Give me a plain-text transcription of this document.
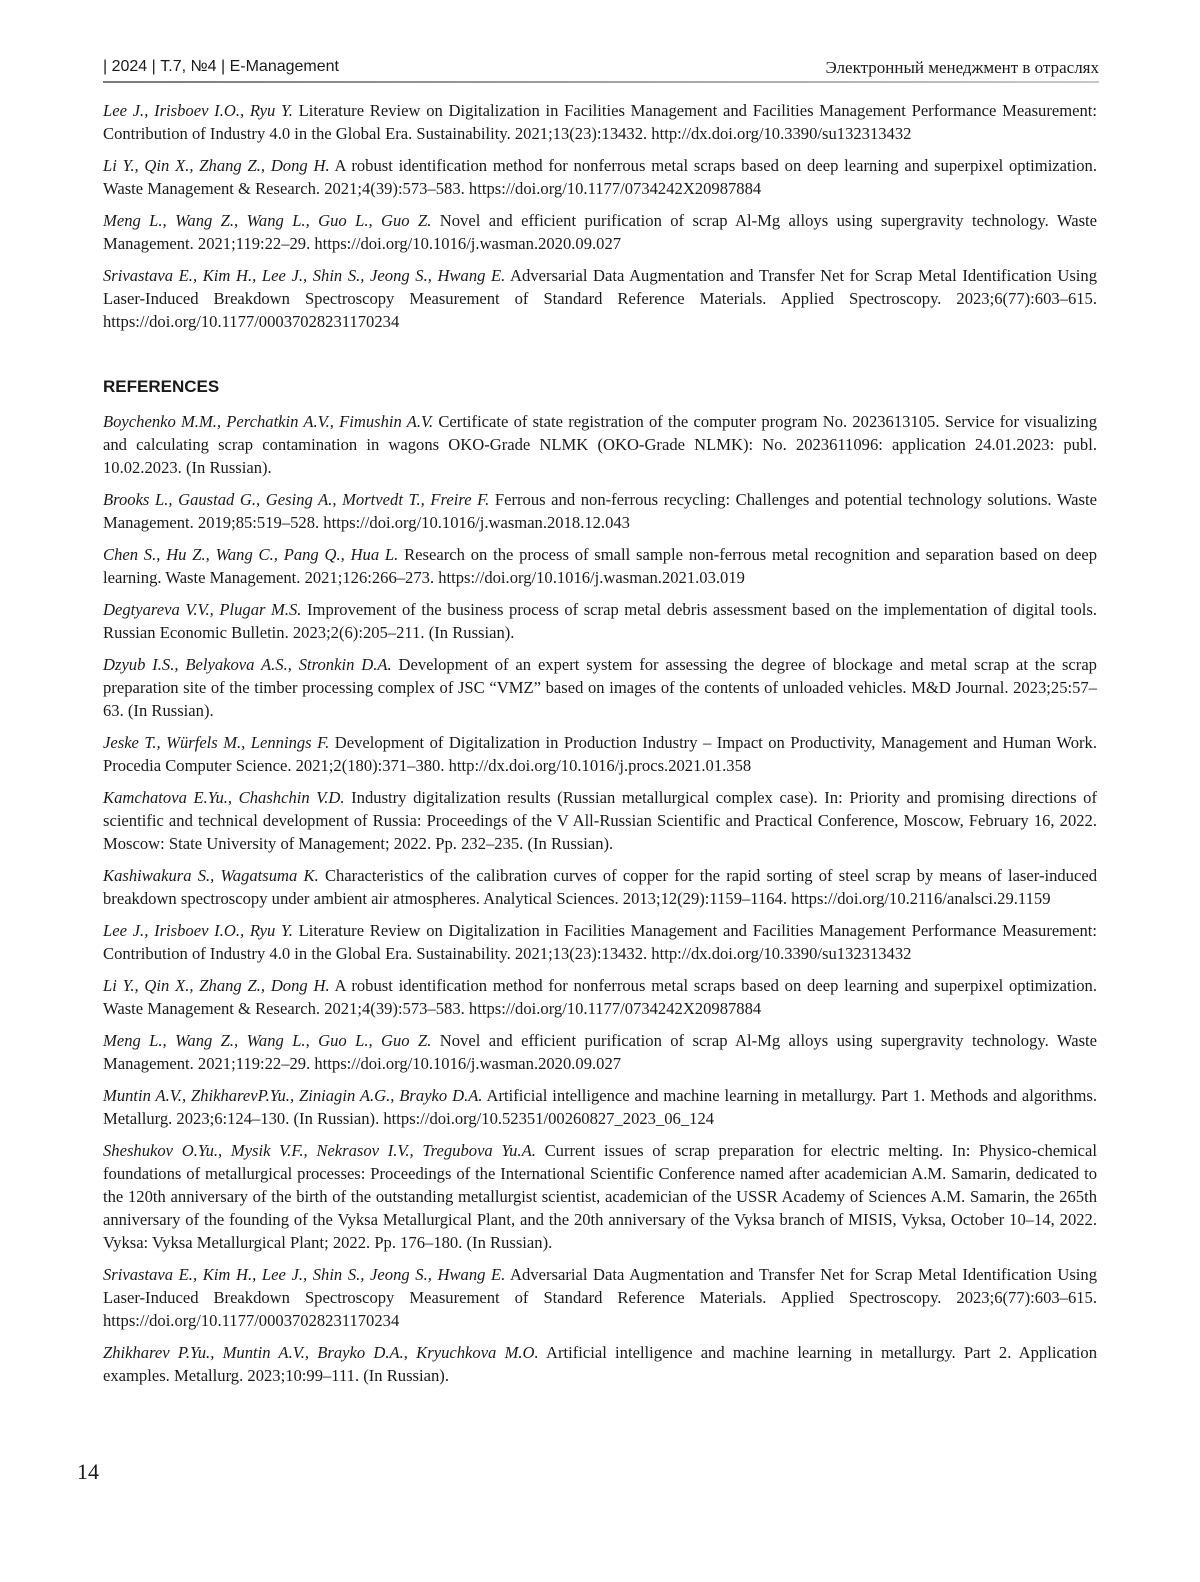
| 2024 | Т.7, №4 | E-Management	Электронный менеджмент в отраслях

Lee J., Irisboev I.O., Ryu Y. Literature Review on Digitalization in Facilities Management and Facilities Management Performance Measurement: Contribution of Industry 4.0 in the Global Era. Sustainability. 2021;13(23):13432. http://dx.doi.org/10.3390/su132313432

Li Y., Qin X., Zhang Z., Dong H. A robust identification method for nonferrous metal scraps based on deep learning and superpixel optimization. Waste Management & Research. 2021;4(39):573–583. https://doi.org/10.1177/0734242X20987884

Meng L., Wang Z., Wang L., Guo L., Guo Z. Novel and efficient purification of scrap Al-Mg alloys using supergravity technology. Waste Management. 2021;119:22–29. https://doi.org/10.1016/j.wasman.2020.09.027

Srivastava E., Kim H., Lee J., Shin S., Jeong S., Hwang E. Adversarial Data Augmentation and Transfer Net for Scrap Metal Identification Using Laser-Induced Breakdown Spectroscopy Measurement of Standard Reference Materials. Applied Spectroscopy. 2023;6(77):603–615. https://doi.org/10.1177/00037028231170234

REFERENCES

Boychenko M.M., Perchatkin A.V., Fimushin A.V. Certificate of state registration of the computer program No. 2023613105. Service for visualizing and calculating scrap contamination in wagons OKO-Grade NLMK (OKO-Grade NLMK): No. 2023611096: application 24.01.2023: publ. 10.02.2023. (In Russian).

Brooks L., Gaustad G., Gesing A., Mortvedt T., Freire F. Ferrous and non-ferrous recycling: Challenges and potential technology solutions. Waste Management. 2019;85:519–528. https://doi.org/10.1016/j.wasman.2018.12.043

Chen S., Hu Z., Wang C., Pang Q., Hua L. Research on the process of small sample non-ferrous metal recognition and separation based on deep learning. Waste Management. 2021;126:266–273. https://doi.org/10.1016/j.wasman.2021.03.019

Degtyareva V.V., Plugar M.S. Improvement of the business process of scrap metal debris assessment based on the implementation of digital tools. Russian Economic Bulletin. 2023;2(6):205–211. (In Russian).

Dzyub I.S., Belyakova A.S., Stronkin D.A. Development of an expert system for assessing the degree of blockage and metal scrap at the scrap preparation site of the timber processing complex of JSC “VMZ” based on images of the contents of unloaded vehicles. M&D Journal. 2023;25:57–63. (In Russian).

Jeske T., Würfels M., Lennings F. Development of Digitalization in Production Industry – Impact on Productivity, Management and Human Work. Procedia Computer Science. 2021;2(180):371–380. http://dx.doi.org/10.1016/j.procs.2021.01.358

Kamchatova E.Yu., Chashchin V.D. Industry digitalization results (Russian metallurgical complex case). In: Priority and promising directions of scientific and technical development of Russia: Proceedings of the V All-Russian Scientific and Practical Conference, Moscow, February 16, 2022. Moscow: State University of Management; 2022. Pp. 232–235. (In Russian).

Kashiwakura S., Wagatsuma K. Characteristics of the calibration curves of copper for the rapid sorting of steel scrap by means of laser-induced breakdown spectroscopy under ambient air atmospheres. Analytical Sciences. 2013;12(29):1159–1164. https://doi.org/10.2116/analsci.29.1159

Lee J., Irisboev I.O., Ryu Y. Literature Review on Digitalization in Facilities Management and Facilities Management Performance Measurement: Contribution of Industry 4.0 in the Global Era. Sustainability. 2021;13(23):13432. http://dx.doi.org/10.3390/su132313432

Li Y., Qin X., Zhang Z., Dong H. A robust identification method for nonferrous metal scraps based on deep learning and superpixel optimization. Waste Management & Research. 2021;4(39):573–583. https://doi.org/10.1177/0734242X20987884

Meng L., Wang Z., Wang L., Guo L., Guo Z. Novel and efficient purification of scrap Al-Mg alloys using supergravity technology. Waste Management. 2021;119:22–29. https://doi.org/10.1016/j.wasman.2020.09.027

Muntin A.V., ZhikharevP.Yu., Ziniagin A.G., Brayko D.A. Artificial intelligence and machine learning in metallurgy. Part 1. Methods and algorithms. Metallurg. 2023;6:124–130. (In Russian). https://doi.org/10.52351/00260827_2023_06_124

Sheshukov O.Yu., Mysik V.F., Nekrasov I.V., Tregubova Yu.A. Current issues of scrap preparation for electric melting. In: Physico-chemical foundations of metallurgical processes: Proceedings of the International Scientific Conference named after academician A.M. Samarin, dedicated to the 120th anniversary of the birth of the outstanding metallurgist scientist, academician of the USSR Academy of Sciences A.M. Samarin, the 265th anniversary of the founding of the Vyksa Metallurgical Plant, and the 20th anniversary of the Vyksa branch of MISIS, Vyksa, October 10–14, 2022. Vyksa: Vyksa Metallurgical Plant; 2022. Pp. 176–180. (In Russian).

Srivastava E., Kim H., Lee J., Shin S., Jeong S., Hwang E. Adversarial Data Augmentation and Transfer Net for Scrap Metal Identification Using Laser-Induced Breakdown Spectroscopy Measurement of Standard Reference Materials. Applied Spectroscopy. 2023;6(77):603–615. https://doi.org/10.1177/00037028231170234

Zhikharev P.Yu., Muntin A.V., Brayko D.A., Kryuchkova M.O. Artificial intelligence and machine learning in metallurgy. Part 2. Application examples. Metallurg. 2023;10:99–111. (In Russian).

14
